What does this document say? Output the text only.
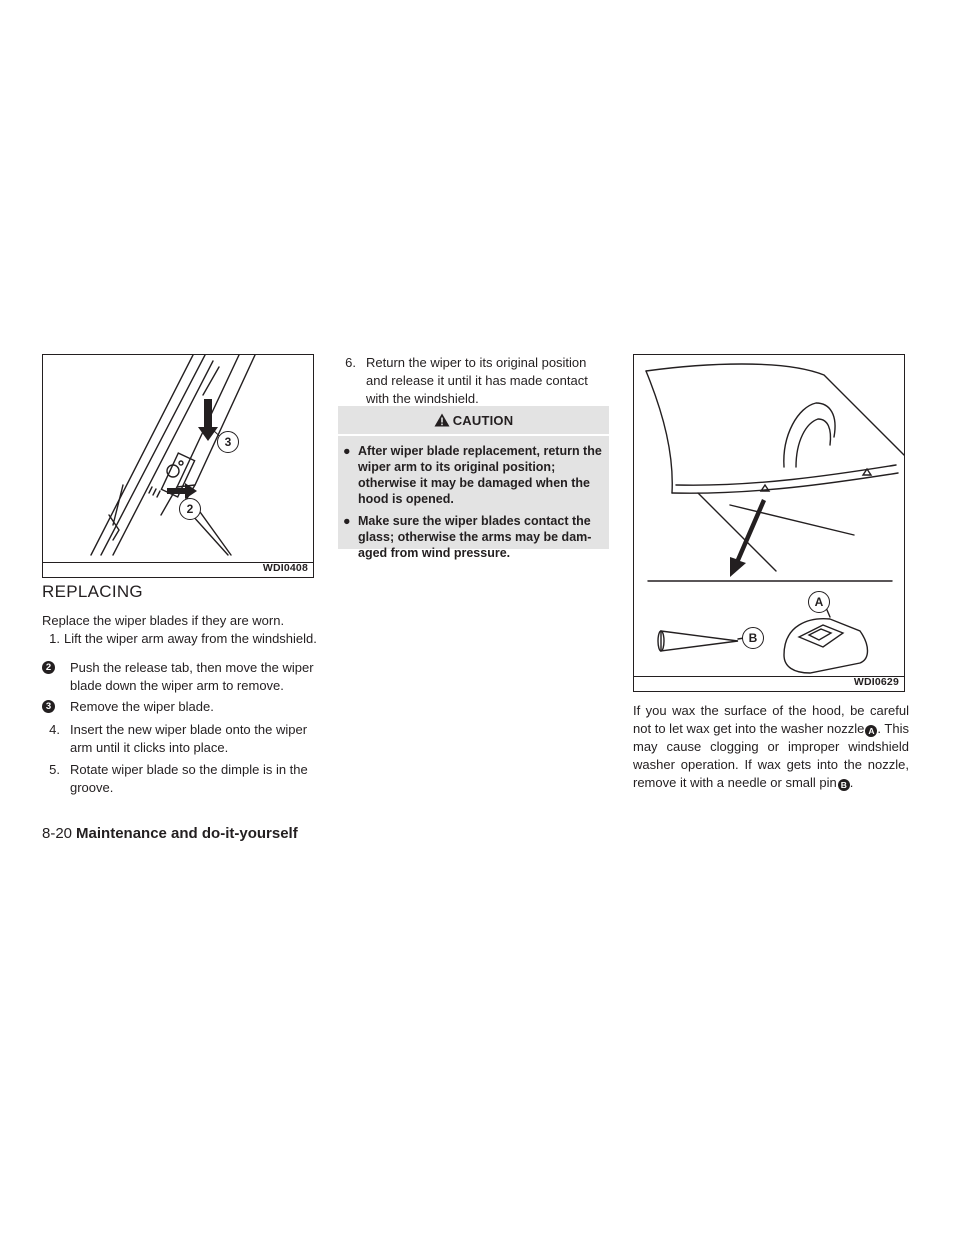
3
2
WDI0408
A
B
WDI0629
REPLACING

Replace the wiper blades if they are worn.

1. Lift the wiper arm away from the windshield.
2	Push the release tab, then move the wiper blade down the wiper arm to remove.
3	Remove the wiper blade.
4. Insert the new wiper blade onto the wiper arm until it clicks into place.
5. Rotate wiper blade so the dimple is in the groove.
6. Return the wiper to its original position and release it until it has made contact with the windshield.
CAUTION

● After wiper blade replacement, return the wiper arm to its original position; otherwise it may be damaged when the hood is opened.

● Make sure the wiper blades contact the glass; otherwise the arms may be dam-aged from wind pressure.

If you wax the surface of the hood, be careful not to let wax get into the washer nozzle A . This may cause clogging or improper windshield washer operation. If wax gets into the nozzle, remove it with a needle or small pin B .

8-20 Maintenance and do-it-yourself
